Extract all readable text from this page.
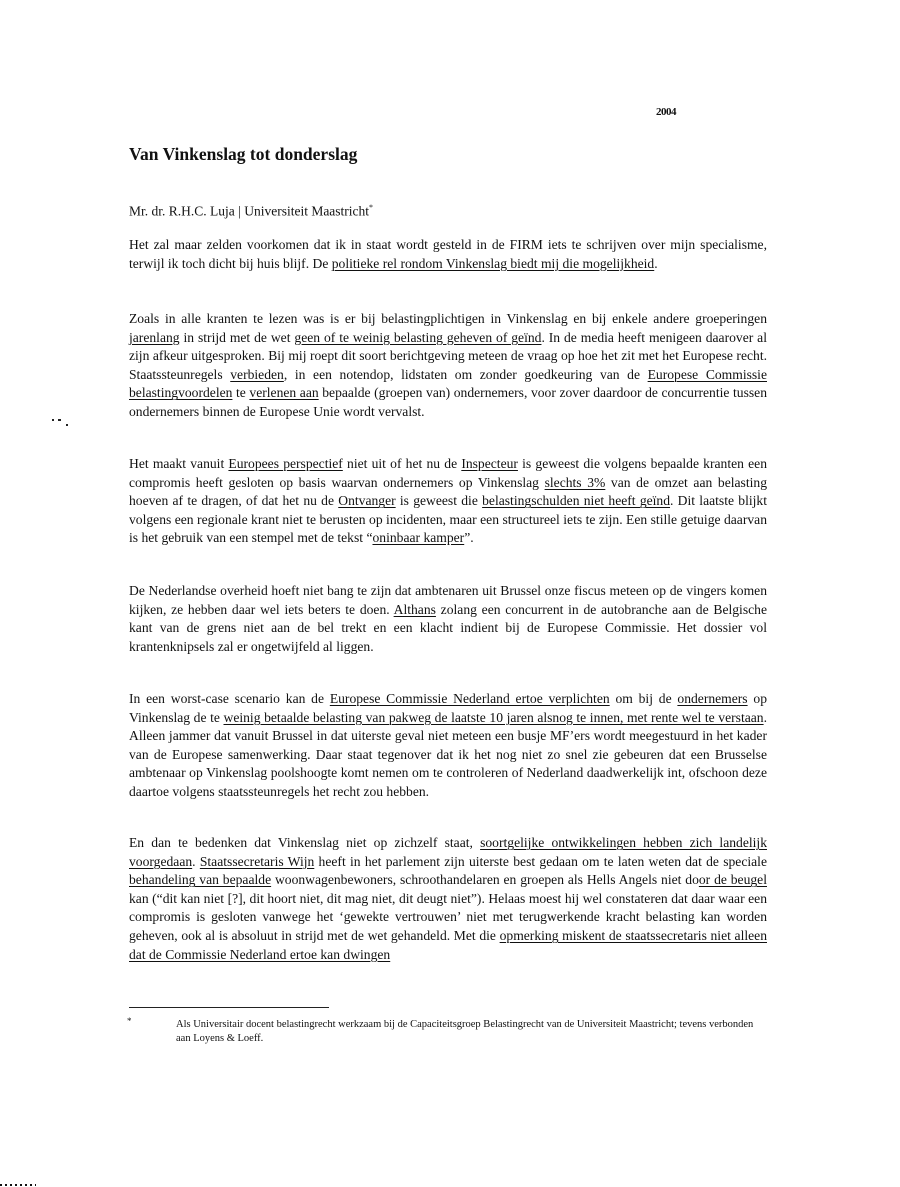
2004
Van Vinkenslag tot donderslag
Mr. dr. R.H.C. Luja | Universiteit Maastricht*

Het zal maar zelden voorkomen dat ik in staat wordt gesteld in de FIRM iets te schrijven over mijn specialisme, terwijl ik toch dicht bij huis blijf. De politieke rel rondom Vinkenslag biedt mij die mogelijkheid.

Zoals in alle kranten te lezen was is er bij belastingplichtigen in Vinkenslag en bij enkele andere groeperingen jarenlang in strijd met de wet geen of te weinig belasting geheven of geïnd. In de media heeft menigeen daarover al zijn afkeur uitgesproken. Bij mij roept dit soort berichtgeving meteen de vraag op hoe het zit met het Europese recht. Staatssteunregels verbieden, in een notendop, lidstaten om zonder goedkeuring van de Europese Commissie belastingvoordelen te verlenen aan bepaalde (groepen van) ondernemers, voor zover daardoor de concurrentie tussen ondernemers binnen de Europese Unie wordt vervalst.

Het maakt vanuit Europees perspectief niet uit of het nu de Inspecteur is geweest die volgens bepaalde kranten een compromis heeft gesloten op basis waarvan ondernemers op Vinkenslag slechts 3% van de omzet aan belasting hoeven af te dragen, of dat het nu de Ontvanger is geweest die belastingschulden niet heeft geïnd. Dit laatste blijkt volgens een regionale krant niet te berusten op incidenten, maar een structureel iets te zijn. Een stille getuige daarvan is het gebruik van een stempel met de tekst “oninbaar kamper”.

De Nederlandse overheid hoeft niet bang te zijn dat ambtenaren uit Brussel onze fiscus meteen op de vingers komen kijken, ze hebben daar wel iets beters te doen. Althans zolang een concurrent in de autobranche aan de Belgische kant van de grens niet aan de bel trekt en een klacht indient bij de Europese Commissie. Het dossier vol krantenknipsels zal er ongetwijfeld al liggen.

In een worst-case scenario kan de Europese Commissie Nederland ertoe verplichten om bij de ondernemers op Vinkenslag de te weinig betaalde belasting van pakweg de laatste 10 jaren alsnog te innen, met rente wel te verstaan. Alleen jammer dat vanuit Brussel in dat uiterste geval niet meteen een busje MF’ers wordt meegestuurd in het kader van de Europese samenwerking. Daar staat tegenover dat ik het nog niet zo snel zie gebeuren dat een Brusselse ambtenaar op Vinkenslag poolshoogte komt nemen om te controleren of Nederland daadwerkelijk int, ofschoon deze daartoe volgens staatssteunregels het recht zou hebben.

En dan te bedenken dat Vinkenslag niet op zichzelf staat, soortgelijke ontwikkelingen hebben zich landelijk voorgedaan. Staatssecretaris Wijn heeft in het parlement zijn uiterste best gedaan om te laten weten dat de speciale behandeling van bepaalde woonwagenbewoners, schroothandelaren en groepen als Hells Angels niet door de beugel kan (“dit kan niet [?], dit hoort niet, dit mag niet, dit deugt niet”). Helaas moest hij wel constateren dat daar waar een compromis is gesloten vanwege het ‘gewekte vertrouwen’ niet met terugwerkende kracht belasting kan worden geheven, ook al is absoluut in strijd met de wet gehandeld. Met die opmerking miskent de staatssecretaris niet alleen dat de Commissie Nederland ertoe kan dwingen

*	Als Universitair docent belastingrecht werkzaam bij de Capaciteitsgroep Belastingrecht van de Universiteit Maastricht; tevens verbonden aan Loyens & Loeff.
